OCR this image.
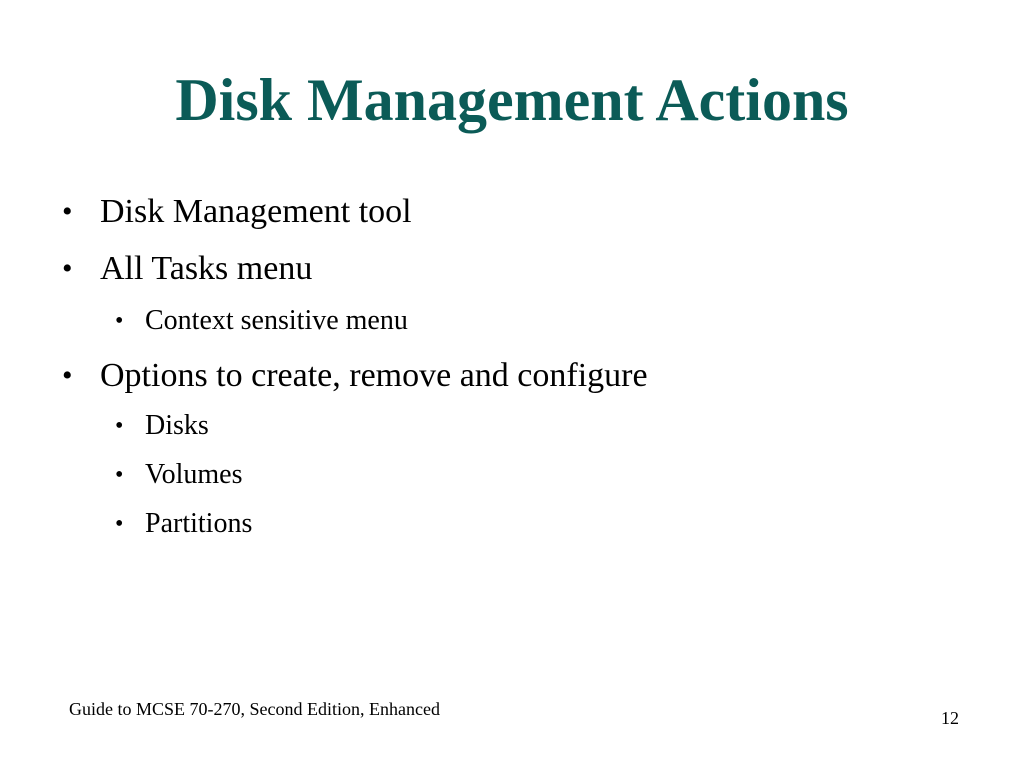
Disk Management Actions
• Disk Management tool
• All Tasks menu
• Context sensitive menu
• Options to create, remove and configure
• Disks
• Volumes
• Partitions
Guide to MCSE 70-270, Second Edition, Enhanced	12
